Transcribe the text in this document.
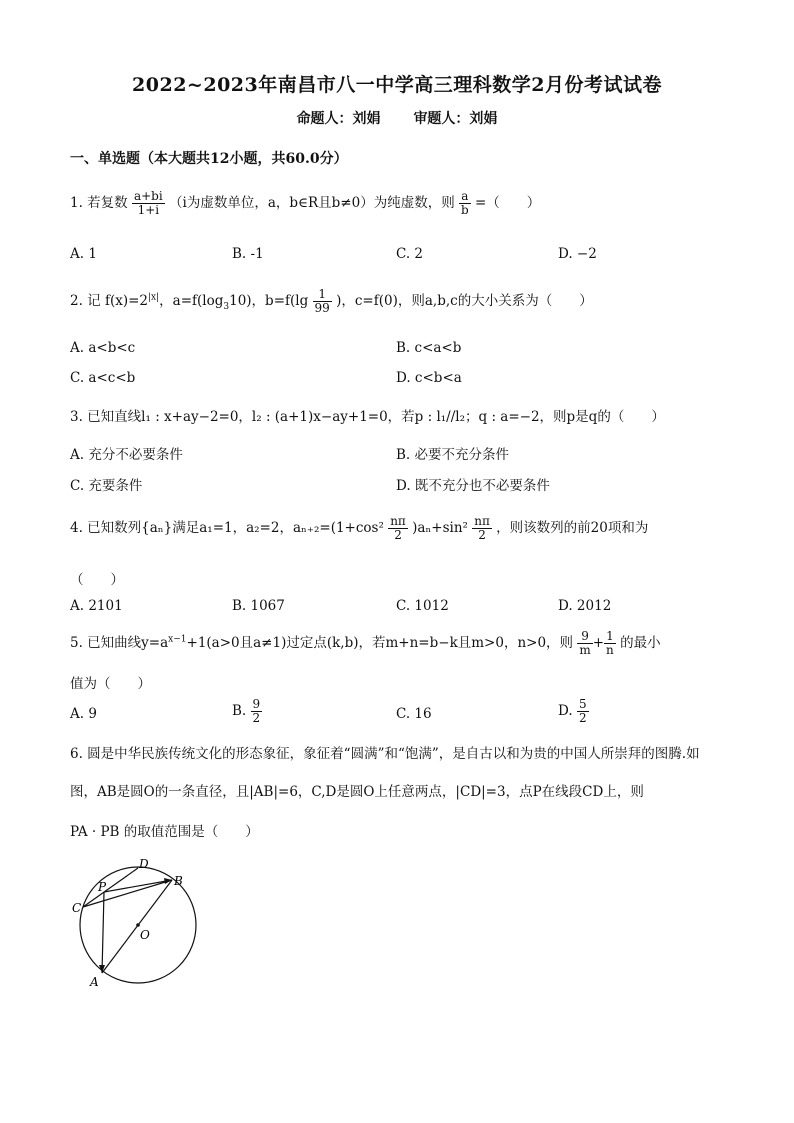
2022~2023年南昌市八一中学高三理科数学2月份考试试卷
命题人：刘娟 审题人：刘娟
一、单选题（本大题共12小题，共60.0分）
1. 若复数 $\frac{a+bi}{1+i} (i$为虚数单位，a，b∈R且b≠0）为纯虚数，则 $\frac{a}{b}$ =（　　）
A. 1	B. -1	C. 2	D. −2
2. 记 $f(x)=2^{|x|}$，$a=f(\log_310)$，$b=f(\lg \frac{1}{99}$ )，c=f(0)，则a,b,c的大小关系为（　　）
A. a<b<c	B. c<a<b
C. a<c<b	D. c<b<a
3. 已知直线l₁ : x+ay−2=0，l₂ : (a+1)x−ay+1=0，若p : l₁//l₂；q : a=−2，则p是q的（　　）
A. 充分不必要条件	B. 必要不充分条件
C. 充要条件	D. 既不充分也不必要条件
4. 已知数列{aₙ}满足a₁=1，a₂=2，$a_{n+2}=(1+\cos^2 \frac{n\pi}{2} )a_n+\sin^2 \frac{n\pi}{2}$ ，则该数列的前20项和为
（　　）
A. 2101	B. 1067	C. 1012	D. 2012
5. 已知曲线$y=a^{x-1}+1(a>0$且a≠1)过定点(k,b)，若m+n=b−k且m>0，n>0，则 $\frac{9}{m} + \frac{1}{n}$ 的最小
值为（　　）
A. 9	B. $\frac{9}{2}$	C. 16	D. $\frac{5}{2}$
6. 圆是中华民族传统文化的形态象征，象征着“圆满”和“饱满”，是自古以和为贵的中国人所崇拜的图腾.如
图，AB是圆O的一条直径，且|AB|=6，C,D是圆O上任意两点，|CD|=3，点P在线段CD上，则
PA · PB 的取值范围是（　　）
D
B
P
C
O
A
